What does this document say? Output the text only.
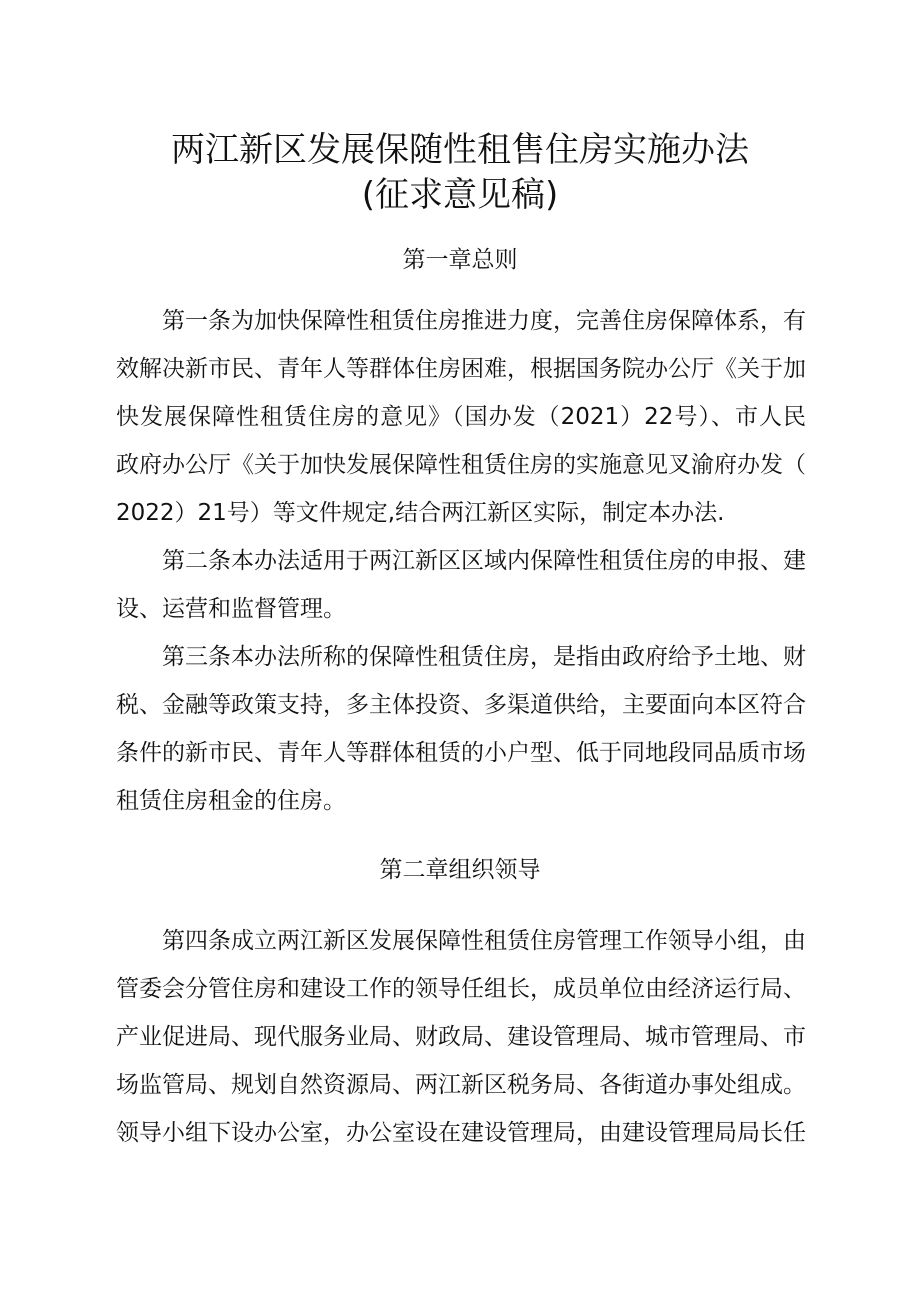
两江新区发展保随性租售住房实施办法
(征求意见稿)
第一章总则
第一条为加快保障性租赁住房推进力度，完善住房保障体系，有
效解决新市民、青年人等群体住房困难，根据国务院办公厅《关于加
快发展保障性租赁住房的意见》（国办发（2021）22号）、市人民
政府办公厅《关于加快发展保障性租赁住房的实施意见叉渝府办发（
2022）21号）等文件规定,结合两江新区实际，制定本办法.
第二条本办法适用于两江新区区域内保障性租赁住房的申报、建
设、运营和监督管理。
第三条本办法所称的保障性租赁住房，是指由政府给予土地、财
税、金融等政策支持，多主体投资、多渠道供给，主要面向本区符合
条件的新市民、青年人等群体租赁的小户型、低于同地段同品质市场
租赁住房租金的住房。
第二章组织领导
第四条成立两江新区发展保障性租赁住房管理工作领导小组，由
管委会分管住房和建设工作的领导任组长，成员单位由经济运行局、
产业促进局、现代服务业局、财政局、建设管理局、城市管理局、市
场监管局、规划自然资源局、两江新区税务局、各街道办事处组成。
领导小组下设办公室，办公室设在建设管理局，由建设管理局局长任
